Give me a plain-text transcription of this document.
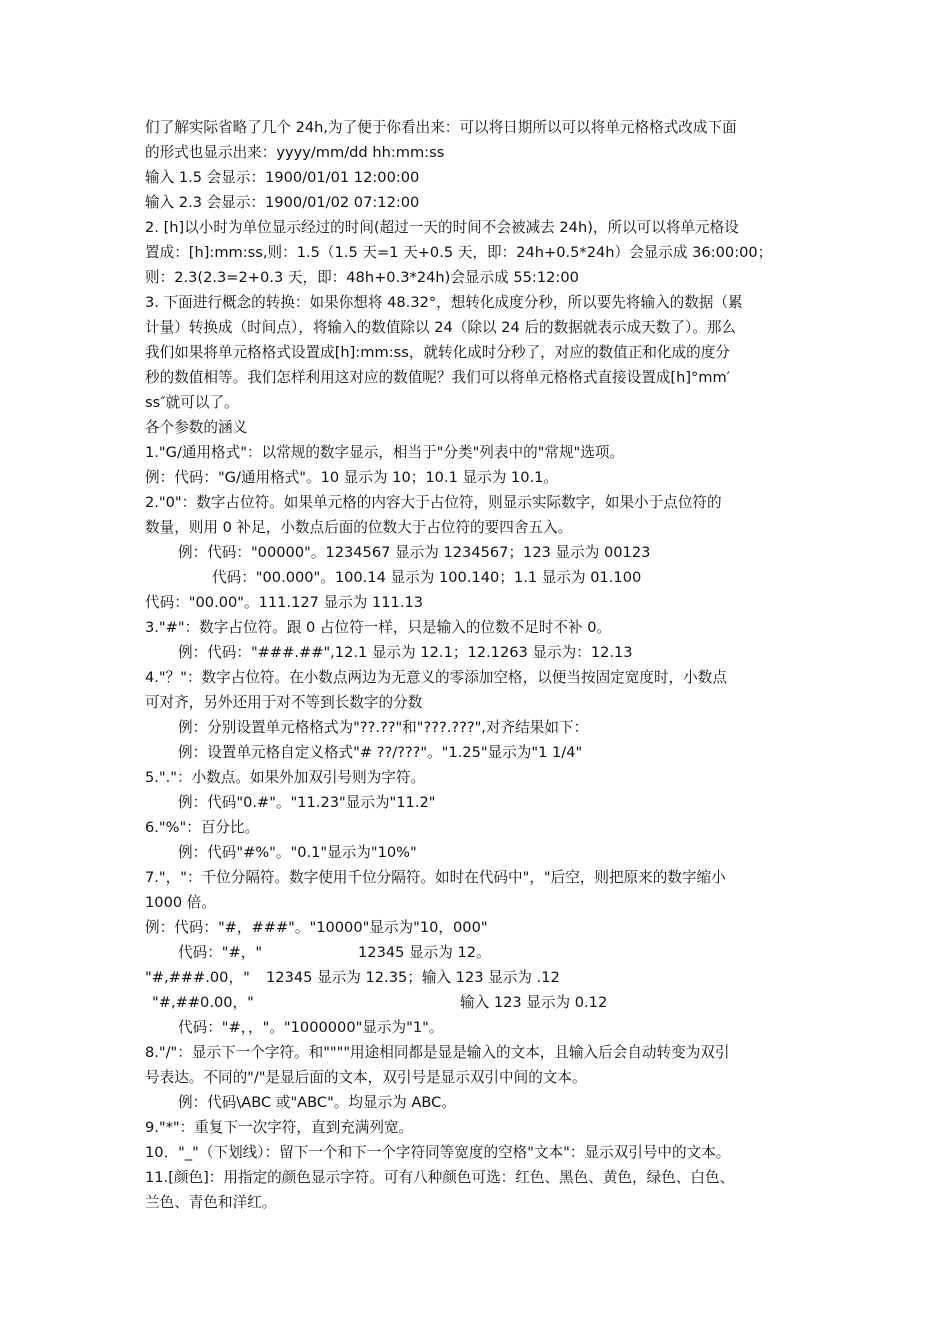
们了解实际省略了几个 24h,为了便于你看出来：可以将日期所以可以将单元格格式改成下面
的形式也显示出来：yyyy/mm/dd hh:mm:ss
输入 1.5 会显示：1900/01/01 12:00:00
输入 2.3 会显示：1900/01/02 07:12:00
2. [h]以小时为单位显示经过的时间(超过一天的时间不会被减去 24h)，所以可以将单元格设
置成：[h]:mm:ss,则：1.5（1.5 天=1 天+0.5 天，即：24h+0.5*24h）会显示成 36:00:00；
则：2.3(2.3=2+0.3 天，即：48h+0.3*24h)会显示成 55:12:00
3. 下面进行概念的转换：如果你想将 48.32°，想转化成度分秒，所以要先将输入的数据（累
计量）转换成（时间点），将输入的数值除以 24（除以 24 后的数据就表示成天数了）。那么
我们如果将单元格格式设置成[h]:mm:ss，就转化成时分秒了，对应的数值正和化成的度分
秒的数值相等。我们怎样利用这对应的数值呢？我们可以将单元格格式直接设置成[h]°mm′
ss″就可以了。
各个参数的涵义
1."G/通用格式"：以常规的数字显示，相当于"分类"列表中的"常规"选项。
例：代码："G/通用格式"。10 显示为 10；10.1 显示为 10.1。
2."0"：数字占位符。如果单元格的内容大于占位符，则显示实际数字，如果小于点位符的
数量，则用 0 补足，小数点后面的位数大于占位符的要四舍五入。
例：代码："00000"。1234567 显示为 1234567；123 显示为 00123
代码："00.000"。100.14 显示为 100.140；1.1 显示为 01.100
代码："00.00"。111.127 显示为 111.13
3."#"：数字占位符。跟 0 占位符一样，只是输入的位数不足时不补 0。
例：代码："###.##",12.1 显示为 12.1；12.1263 显示为：12.13
4."？"：数字占位符。在小数点两边为无意义的零添加空格，以便当按固定宽度时，小数点
可对齐，另外还用于对不等到长数字的分数
例：分别设置单元格格式为"??.??"和"???.???",对齐结果如下：
例：设置单元格自定义格式"# ??/???"。"1.25"显示为"1 1/4"
5."."：小数点。如果外加双引号则为字符。
例：代码"0.#"。"11.23"显示为"11.2"
6."%"：百分比。
例：代码"#%"。"0.1"显示为"10%"
7."，"：千位分隔符。数字使用千位分隔符。如时在代码中"，"后空，则把原来的数字缩小
1000 倍。
例：代码："#，###"。"10000"显示为"10，000"
代码："#，"	12345 显示为 12。
"#,###.00，"	12345 显示为 12.35；输入 123 显示为 .12
"#,##0.00，"	输入 123 显示为 0.12
代码："#，，"。"1000000"显示为"1"。
8."/"：显示下一个字符。和""""用途相同都是显是输入的文本，且输入后会自动转变为双引
号表达。不同的"/"是显后面的文本，双引号是显示双引中间的文本。
例：代码\ABC 或"ABC"。均显示为 ABC。
9."*"：重复下一次字符，直到充满列宽。
10．"_"（下划线）：留下一个和下一个字符同等宽度的空格"文本"：显示双引号中的文本。
11.[颜色]：用指定的颜色显示字符。可有八种颜色可选：红色、黑色、黄色，绿色、白色、
兰色、青色和洋红。
